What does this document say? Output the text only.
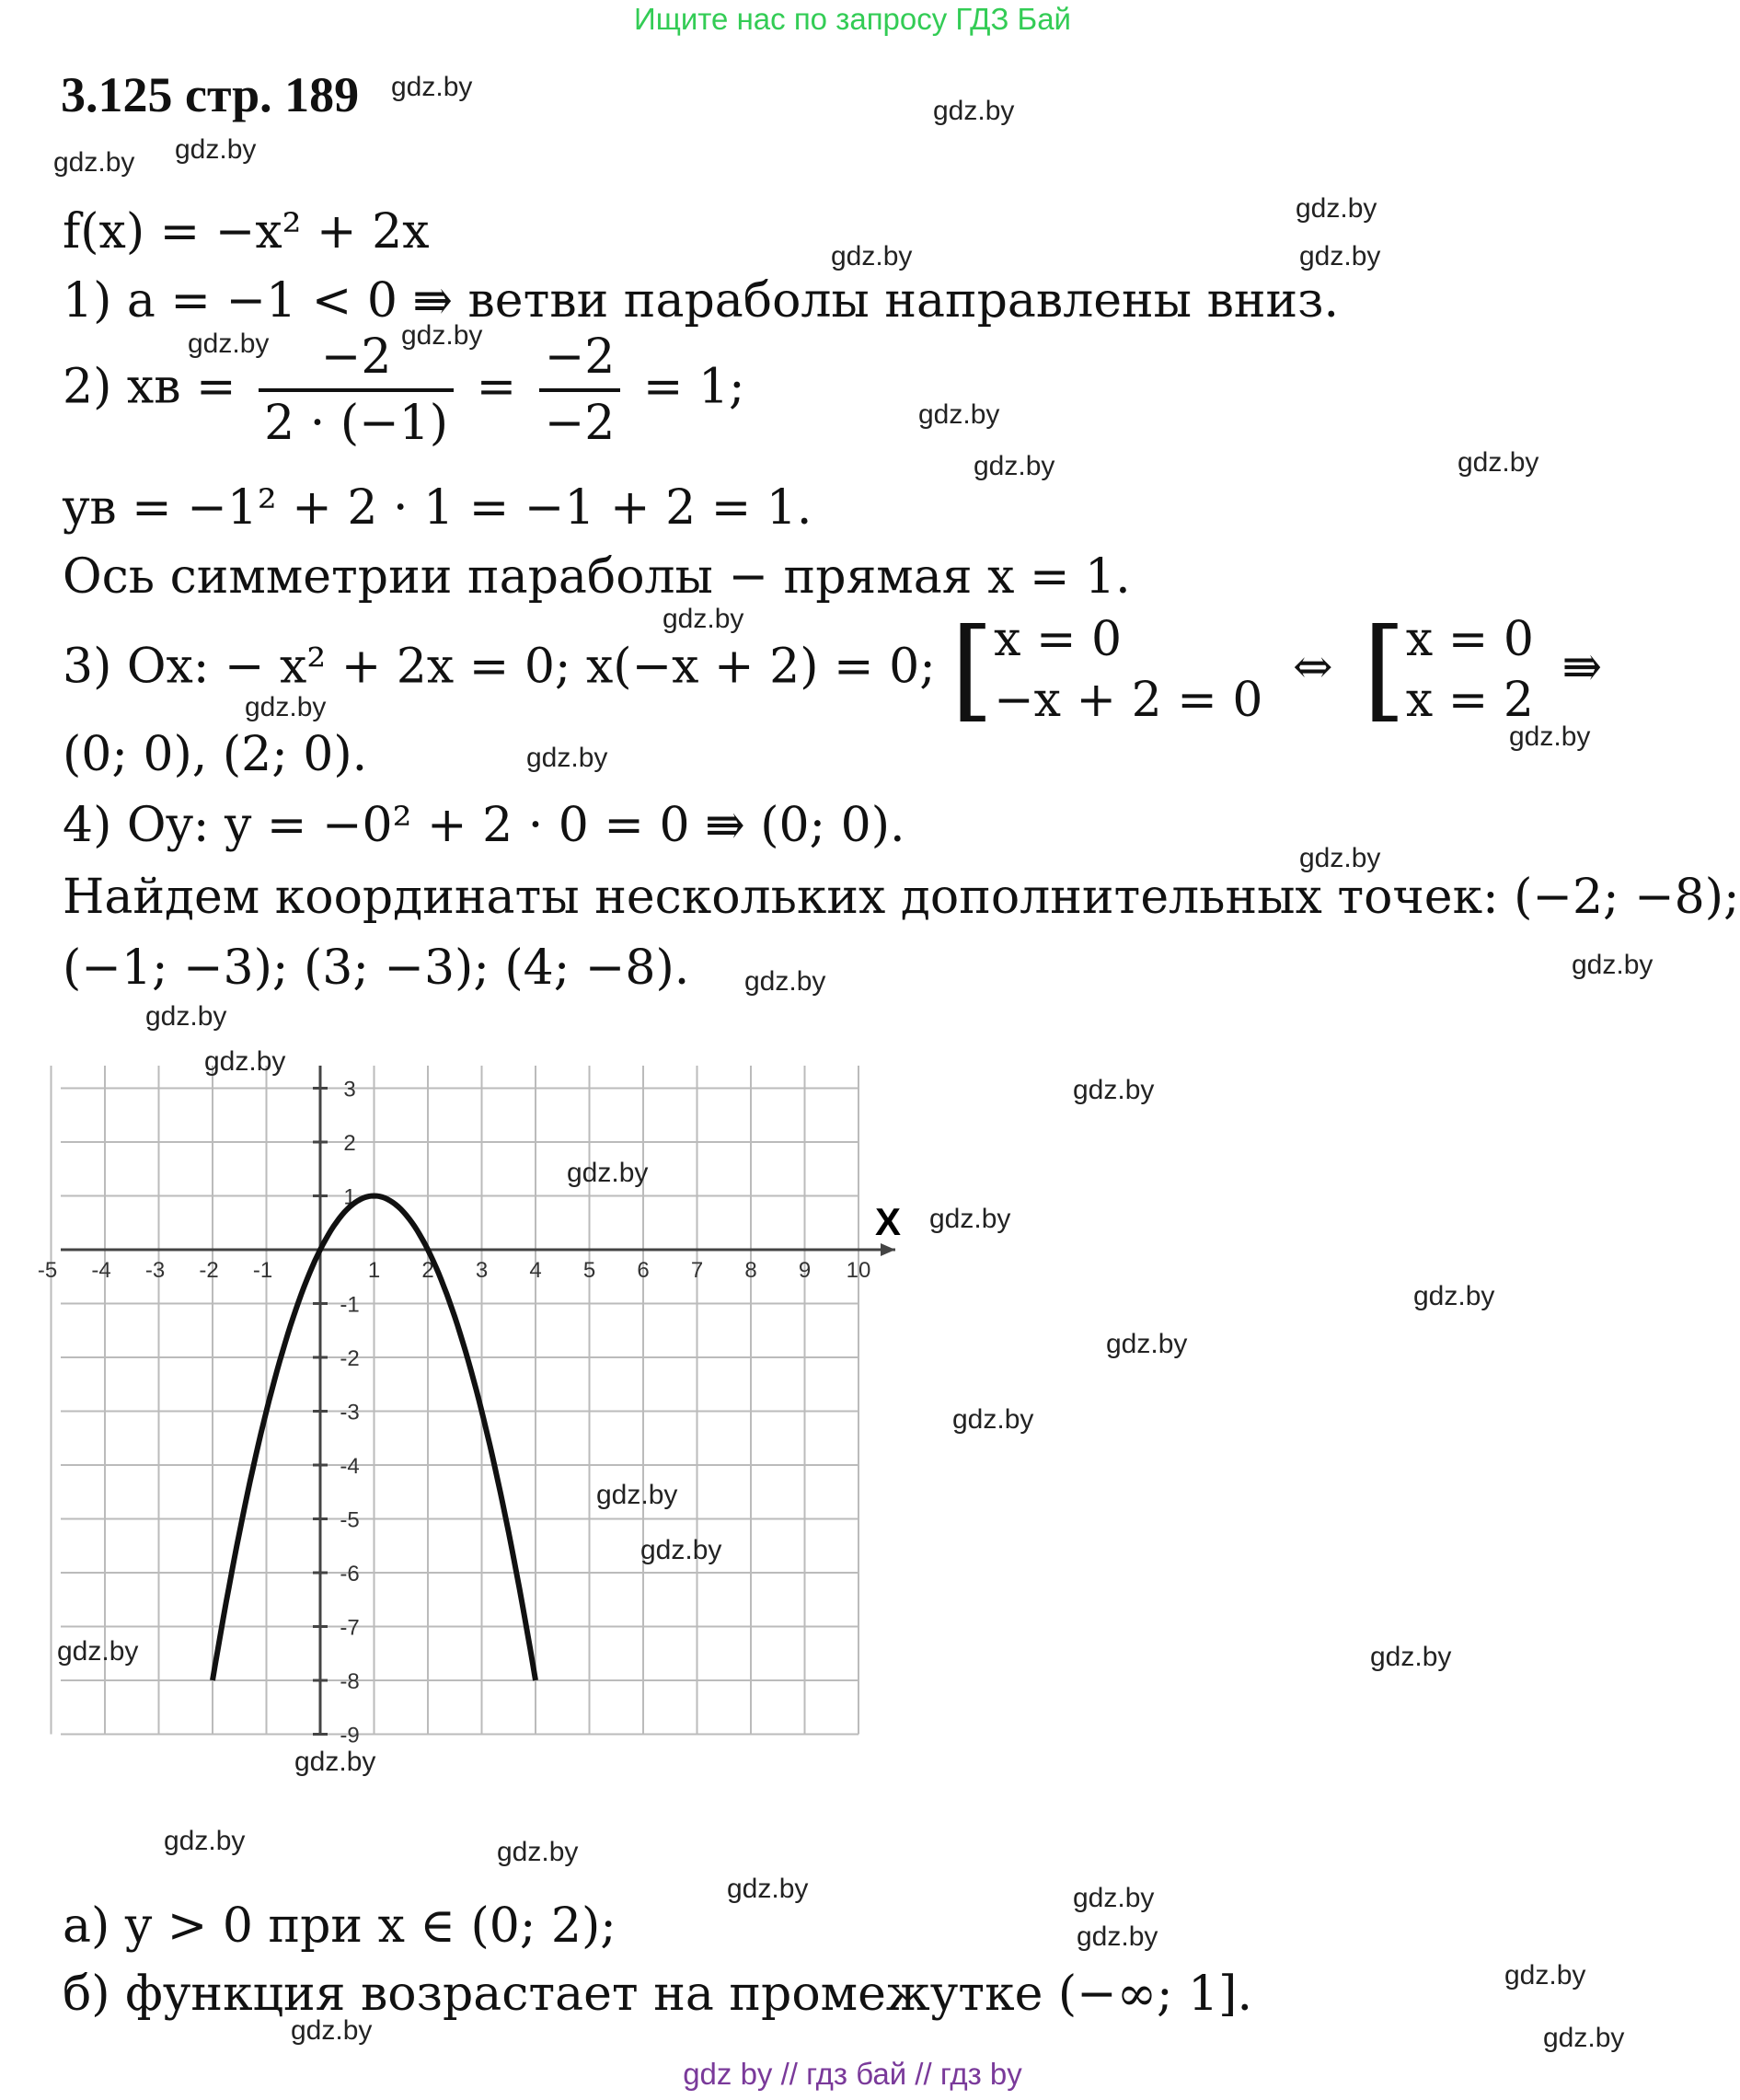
Ищите нас по запросу ГДЗ Бай
3.125 стр. 189
f(x) = −x² + 2x
1) a = −1 < 0 ⇛ ветви параболы направлены вниз.
2) xв = $\frac{-2}{2 \cdot (-1)} = \frac{-2}{-2} = 1$;
yв = −1² + 2 · 1 = −1 + 2 = 1.
Ось симметрии параболы − прямая x = 1.
3) Ox: − x² + 2x = 0; x(−x + 2) = 0; [ x = 0
−x + 2 = 0
⇔ [ x = 0
x = 2
⇛
(0; 0), (2; 0).
4) Oy: y = −0² + 2 · 0 = 0 ⇛ (0; 0).
Найдем координаты нескольких дополнительных точек: (−2; −8);
(−1; −3); (3; −3); (4; −8).
-5 -4 -3 -2 -1	1 2 3 4 5 6 7 8 9 10
3
2
1
-1
-2
-3
-4
-5
-6
-7
-8
-9
X
а) y > 0 при x ∈ (0; 2);
б) функция возрастает на промежутке (−∞; 1].
gdz.by
gdz.by
gdz.by gdz.by
gdz.by
gdz.by	gdz.by
gdz.by	gdz.by
gdz.by
gdz.by	gdz.by
gdz.by
gdz.by
gdz.by
gdz.by
gdz.by
gdz.by
gdz.by
gdz.by
gdz.by
gdz.by
gdz.by
gdz.by
gdz.by
gdz.by
gdz.by
gdz.by
gdz.by
gdz.by	gdz.by
gdz.by
gdz.by	gdz.by
gdz.by	gdz.by
gdz.by
gdz.by
gdz.by	gdz.by
gdz by // гдз бай // гдз by
